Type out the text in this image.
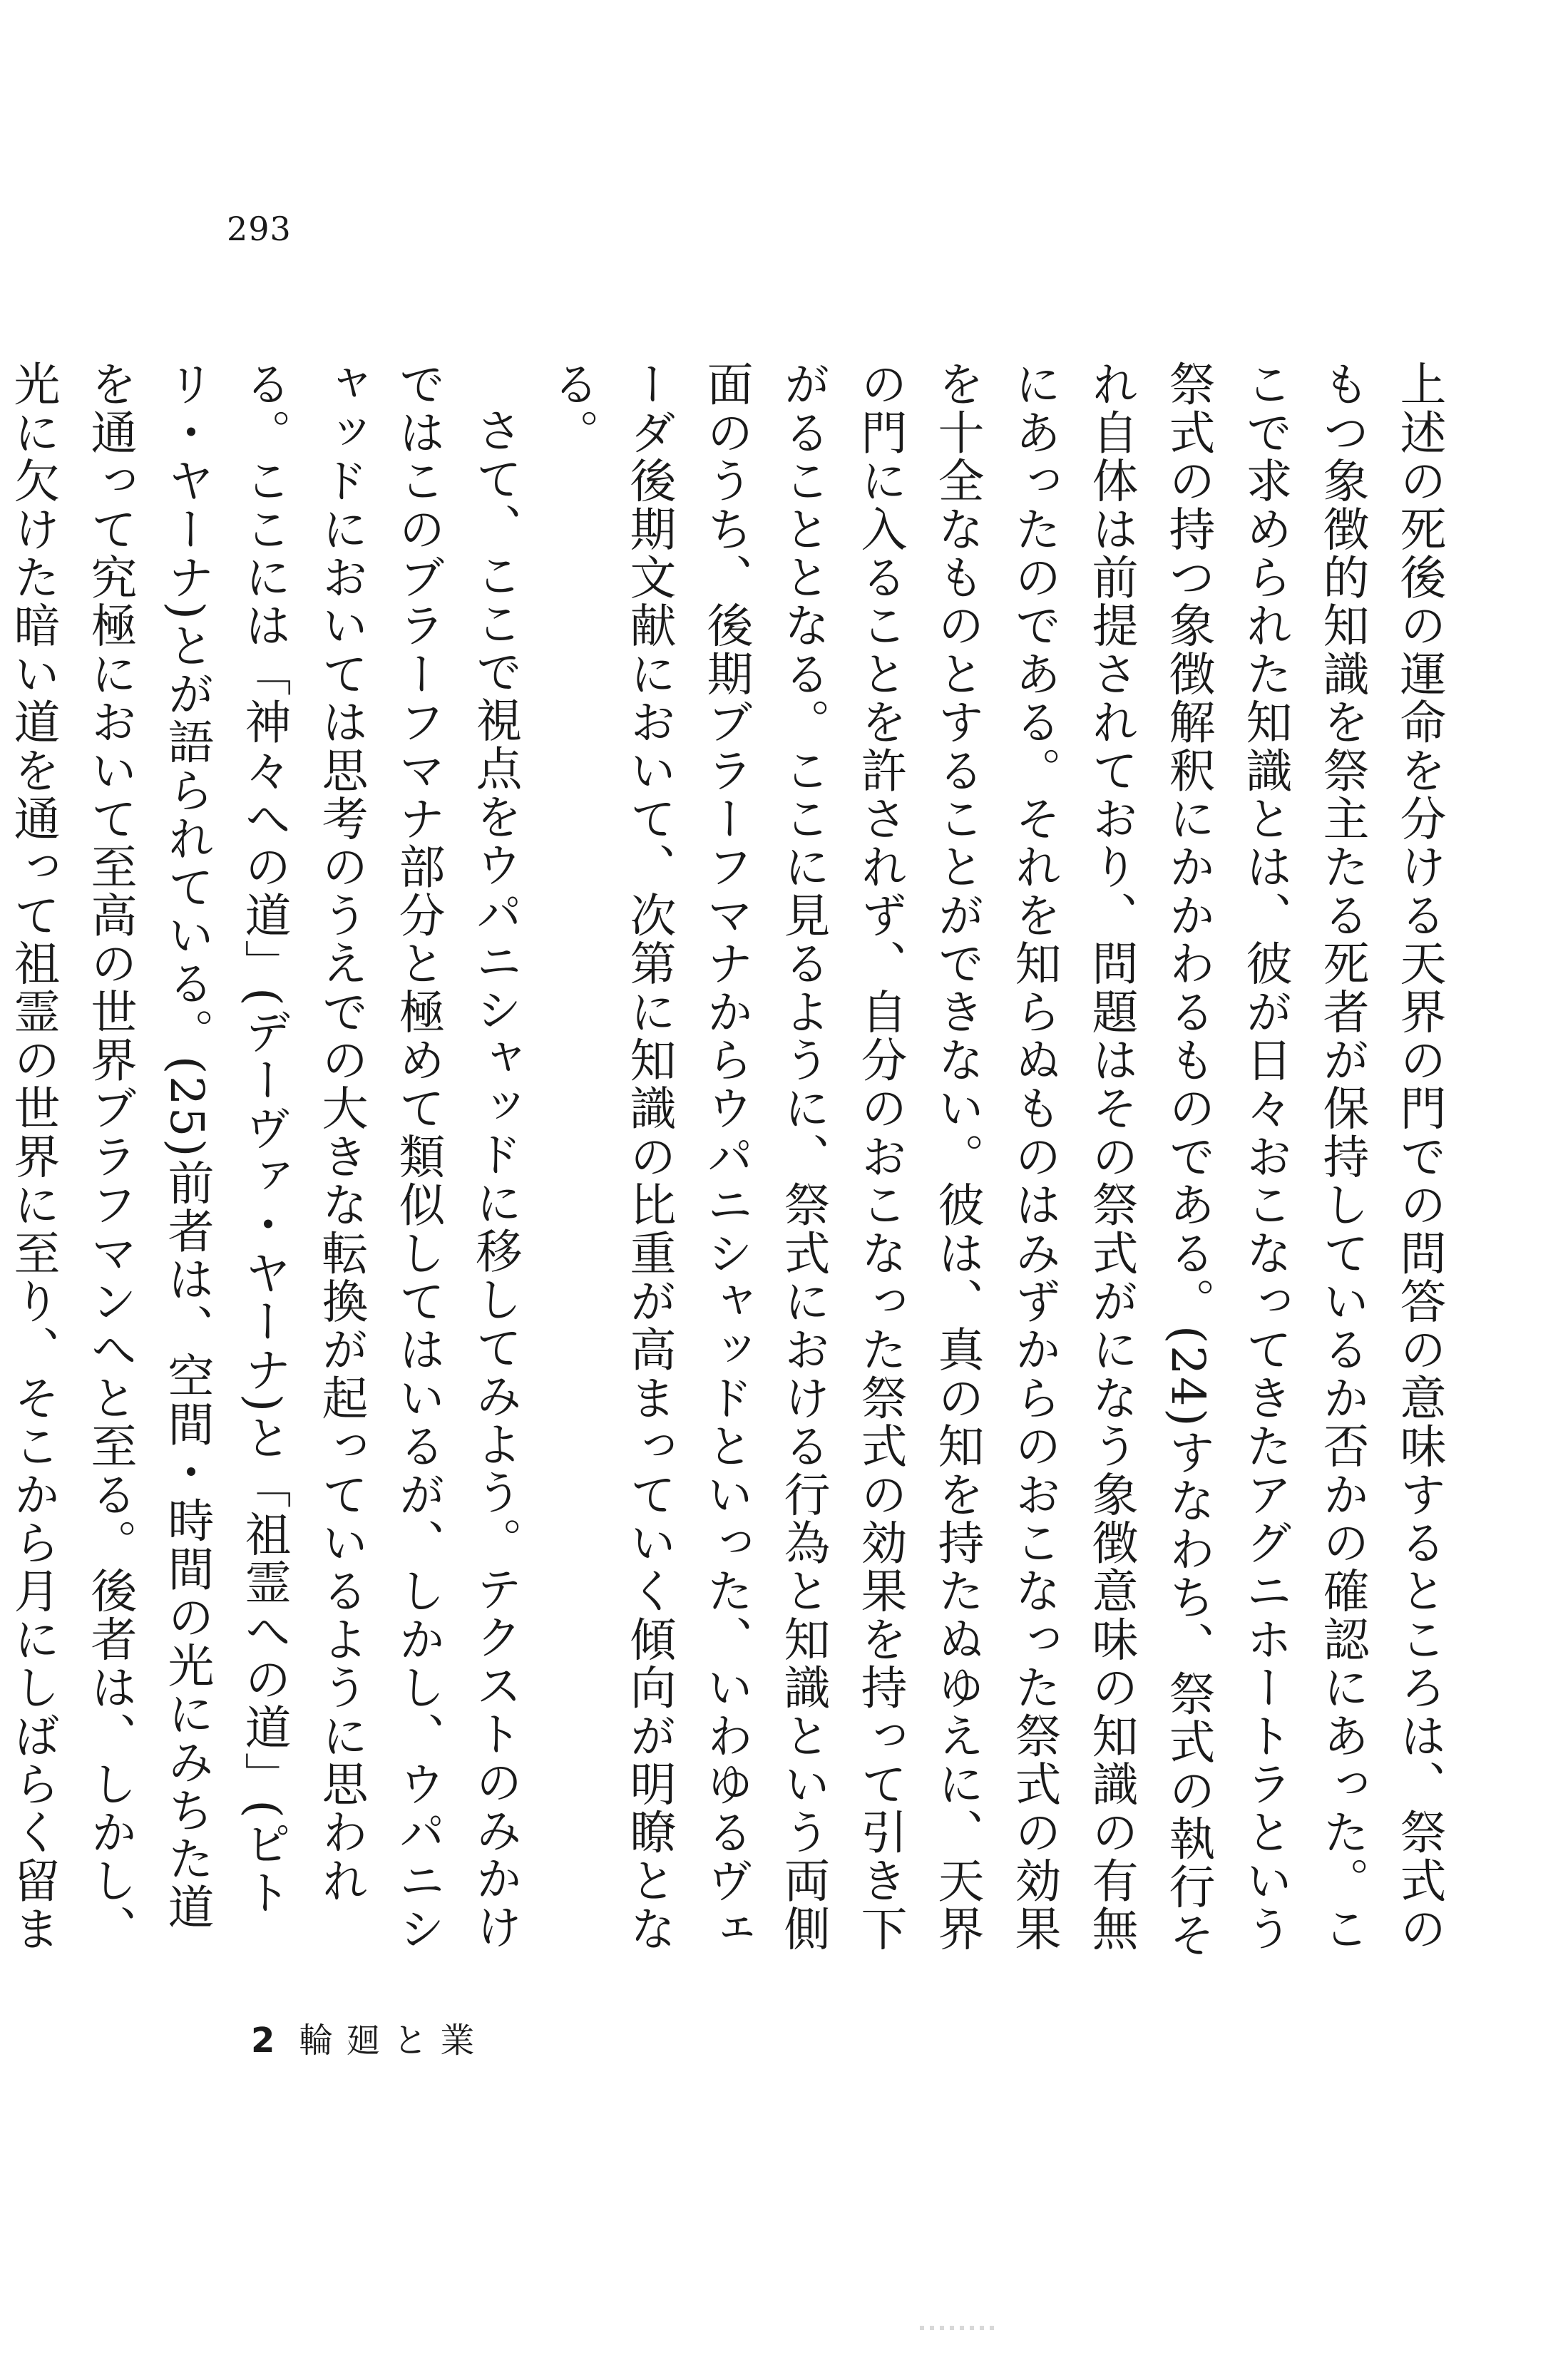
293

上述の死後の運命を分ける天界の門での問答の意味するところは、祭式のもつ象徴的知識を祭主たる死者が保持しているか否かの確認にあった。ここで求められた知識とは、彼が日々おこなってきたアグニホートラという祭式の持つ象徴解釈にかかわるものである。(24)すなわち、祭式の執行それ自体は前提されており、問題はその祭式がになう象徴意味の知識の有無にあったのである。それを知らぬものはみずからのおこなった祭式の効果を十全なものとすることができない。彼は、真の知を持たぬゆえに、天界の門に入ることを許されず、自分のおこなった祭式の効果を持って引き下がることとなる。ここに見るように、祭式における行為と知識という両側面のうち、後期ブラーフマナからウパニシャッドといった、いわゆるヴェーダ後期文献において、次第に知識の比重が高まっていく傾向が明瞭となる。

さて、ここで視点をウパニシャッドに移してみよう。テクストのみかけではこのブラーフマナ部分と極めて類似してはいるが、しかし、ウパニシャッドにおいては思考のうえでの大きな転換が起っているように思われる。ここには「神々への道」(デーヴァ・ヤーナ)と「祖霊への道」(ピトリ・ヤーナ)とが語られている。(25)前者は、空間・時間の光にみちた道を通って究極において至高の世界ブラフマンへと至る。後者は、しかし、光に欠けた暗い道を通って祖霊の世界に至り、そこから月にしばらく留ま

2 輪廻と業
